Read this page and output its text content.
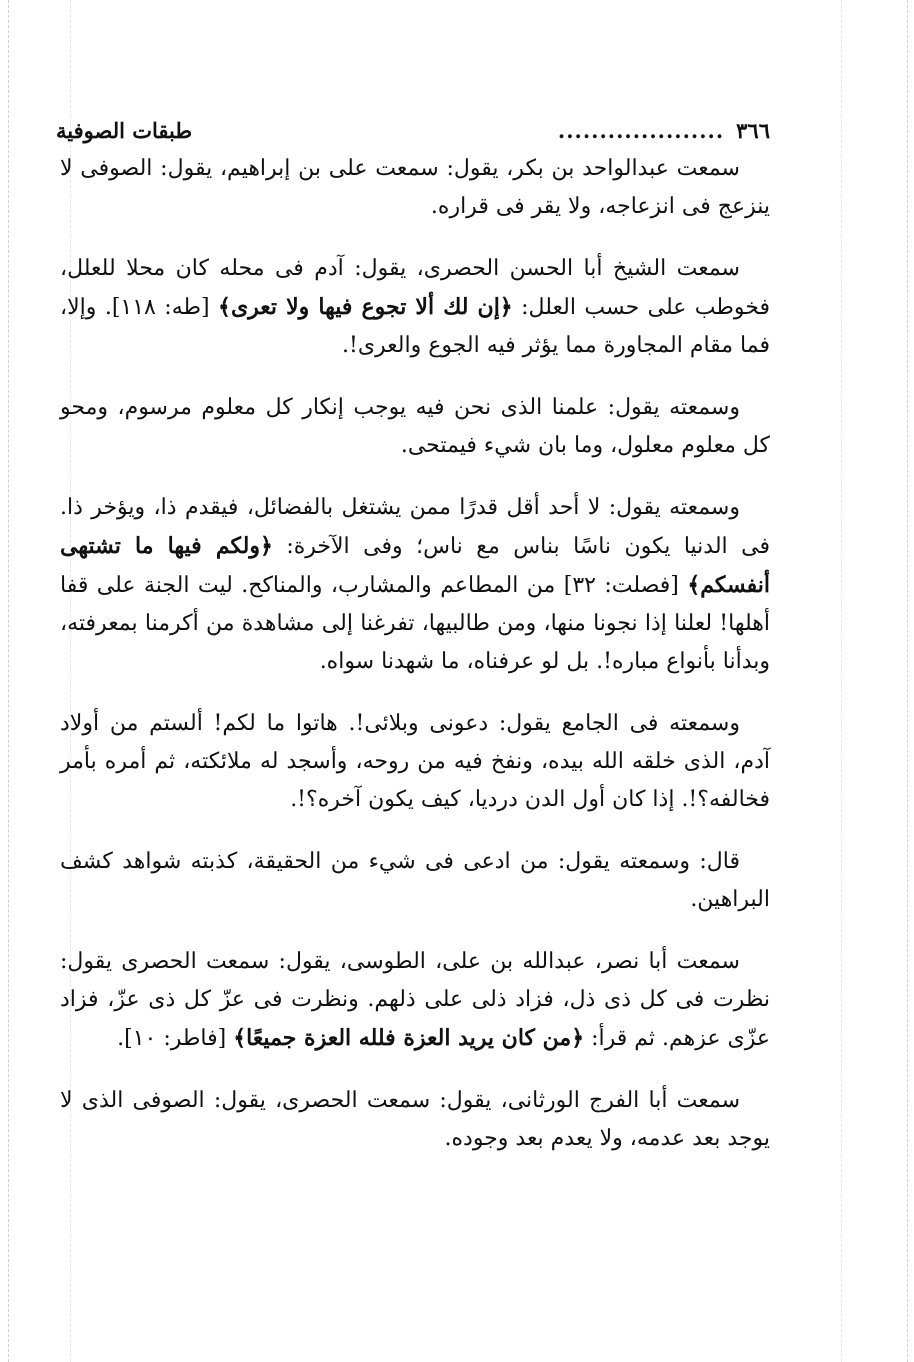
٣٦٦
....................
طبقات الصوفية

سمعت عبدالواحد بن بكر، يقول: سمعت على بن إبراهيم، يقول: الصوفى لا ينزعج فى انزعاجه، ولا يقر فى قراره.

سمعت الشيخ أبا الحسن الحصرى، يقول: آدم فى محله كان محلا للعلل، فخوطب على حسب العلل: ﴿إن لك ألا تجوع فيها ولا تعرى﴾ [طه: ١١٨]. وإلا، فما مقام المجاورة مما يؤثر فيه الجوع والعرى!.

وسمعته يقول: علمنا الذى نحن فيه يوجب إنكار كل معلوم مرسوم، ومحو كل معلوم معلول، وما بان شيء فيمتحى.

وسمعته يقول: لا أحد أقل قدرًا ممن يشتغل بالفضائل، فيقدم ذا، ويؤخر ذا. فى الدنيا يكون ناسًا بناس مع ناس؛ وفى الآخرة: ﴿ولكم فيها ما تشتهى أنفسكم﴾ [فصلت: ٣٢] من المطاعم والمشارب، والمناكح. ليت الجنة على قفا أهلها! لعلنا إذا نجونا منها، ومن طالبيها، تفرغنا إلى مشاهدة من أكرمنا بمعرفته، وبدأنا بأنواع مباره!. بل لو عرفناه، ما شهدنا سواه.

وسمعته فى الجامع يقول: دعونى وبلائى!. هاتوا ما لكم! ألستم من أولاد آدم، الذى خلقه الله بيده، ونفخ فيه من روحه، وأسجد له ملائكته، ثم أمره بأمر فخالفه؟!. إذا كان أول الدن درديا، كيف يكون آخره؟!.

قال: وسمعته يقول: من ادعى فى شيء من الحقيقة، كذبته شواهد كشف البراهين.

سمعت أبا نصر، عبدالله بن على، الطوسى، يقول: سمعت الحصرى يقول: نظرت فى كل ذى ذل، فزاد ذلى على ذلهم. ونظرت فى عزّ كل ذى عزّ، فزاد عزّى عزهم. ثم قرأ: ﴿من كان يريد العزة فلله العزة جميعًا﴾ [فاطر: ١٠].

سمعت أبا الفرج الورثانى، يقول: سمعت الحصرى، يقول: الصوفى الذى لا يوجد بعد عدمه، ولا يعدم بعد وجوده.
